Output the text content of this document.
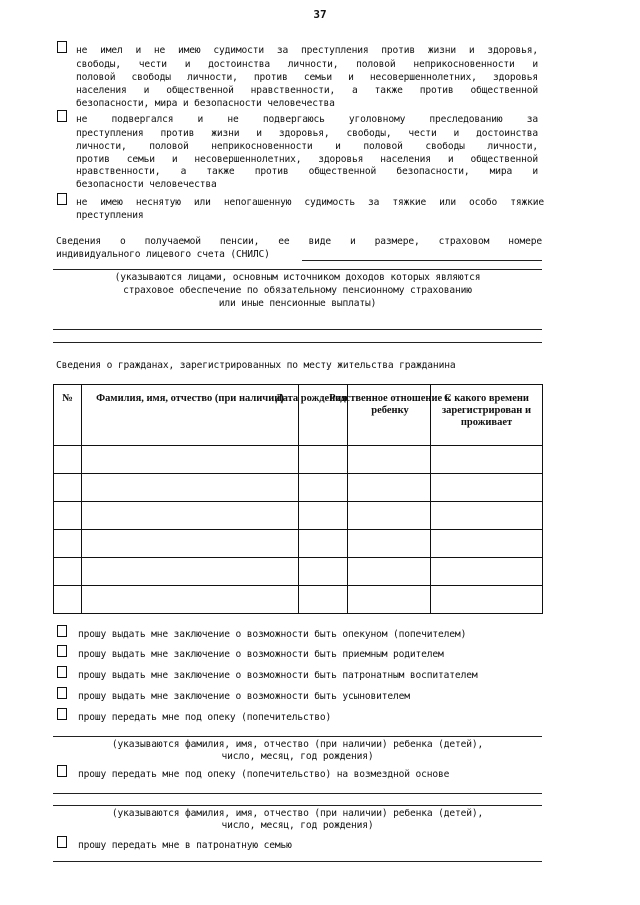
37
не имел и не имею судимости за преступления против жизни и здоровья,
свободы, чести и достоинства личности, половой неприкосновенности и
половой свободы личности, против семьи и несовершеннолетних, здоровья
населения и общественной нравственности, а также против общественной
безопасности, мира и безопасности человечества
не подвергался и не подвергаюсь уголовному преследованию за
преступления против жизни и здоровья, свободы, чести и достоинства
личности, половой неприкосновенности и половой свободы личности,
против семьи и несовершеннолетних, здоровья населения и общественной
нравственности, а также против общественной безопасности, мира и
безопасности человечества
не имею неснятую или непогашенную судимость за тяжкие или особо тяжкие
преступления
Сведения о получаемой пенсии, ее виде и размере, страховом номере
индивидуального лицевого счета (СНИЛС)
(указываются лицами, основным источником доходов которых являются
страховое обеспечение по обязательному пенсионному страхованию
или иные пенсионные выплаты)
Сведения о гражданах, зарегистрированных по месту жительства гражданина
№	Фамилия, имя, отчество (при наличии)	Дата рождения	Родственное отношение к ребенку	С какого времени зарегистрирован и проживает

прошу выдать мне заключение о возможности быть опекуном (попечителем)
прошу выдать мне заключение о возможности быть приемным родителем
прошу выдать мне заключение о возможности быть патронатным воспитателем
прошу выдать мне заключение о возможности быть усыновителем
прошу передать мне под опеку (попечительство)
(указываются фамилия, имя, отчество (при наличии) ребенка (детей),
число, месяц, год рождения)
прошу передать мне под опеку (попечительство) на возмездной основе
(указываются фамилия, имя, отчество (при наличии) ребенка (детей),
число, месяц, год рождения)
прошу передать мне в патронатную семью
